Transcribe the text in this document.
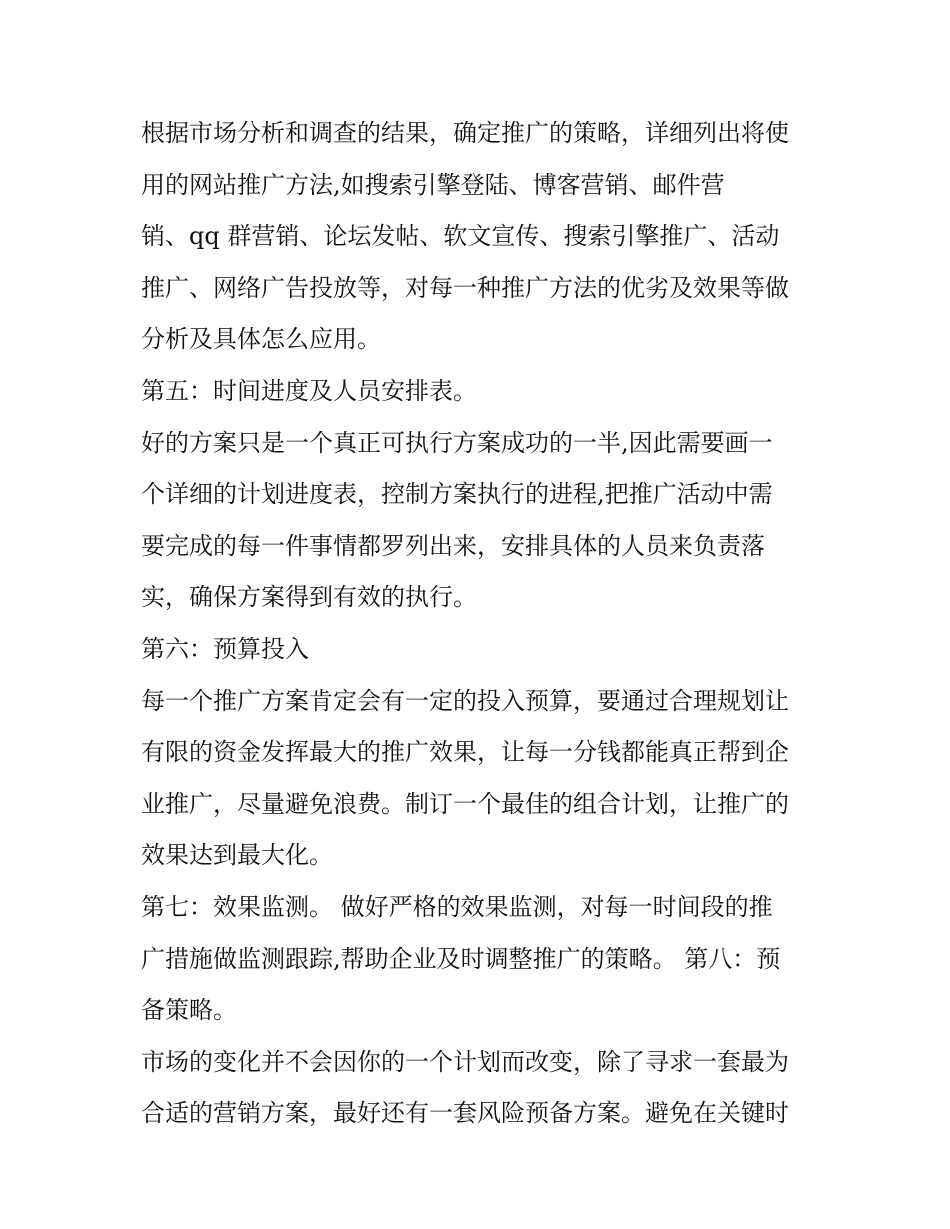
根据市场分析和调查的结果，确定推广的策略，详细列出将使
用的网站推广方法,如搜索引擎登陆、博客营销、邮件营
销、qq 群营销、论坛发帖、软文宣传、搜索引擎推广、活动
推广、网络广告投放等，对每一种推广方法的优劣及效果等做
分析及具体怎么应用。
第五：时间进度及人员安排表。
好的方案只是一个真正可执行方案成功的一半,因此需要画一
个详细的计划进度表，控制方案执行的进程,把推广活动中需
要完成的每一件事情都罗列出来，安排具体的人员来负责落
实，确保方案得到有效的执行。
第六：预算投入
每一个推广方案肯定会有一定的投入预算，要通过合理规划让
有限的资金发挥最大的推广效果，让每一分钱都能真正帮到企
业推广，尽量避免浪费。制订一个最佳的组合计划，让推广的
效果达到最大化。
第七：效果监测。 做好严格的效果监测，对每一时间段的推
广措施做监测跟踪,帮助企业及时调整推广的策略。 第八：预
备策略。
市场的变化并不会因你的一个计划而改变，除了寻求一套最为
合适的营销方案，最好还有一套风险预备方案。避免在关键时
